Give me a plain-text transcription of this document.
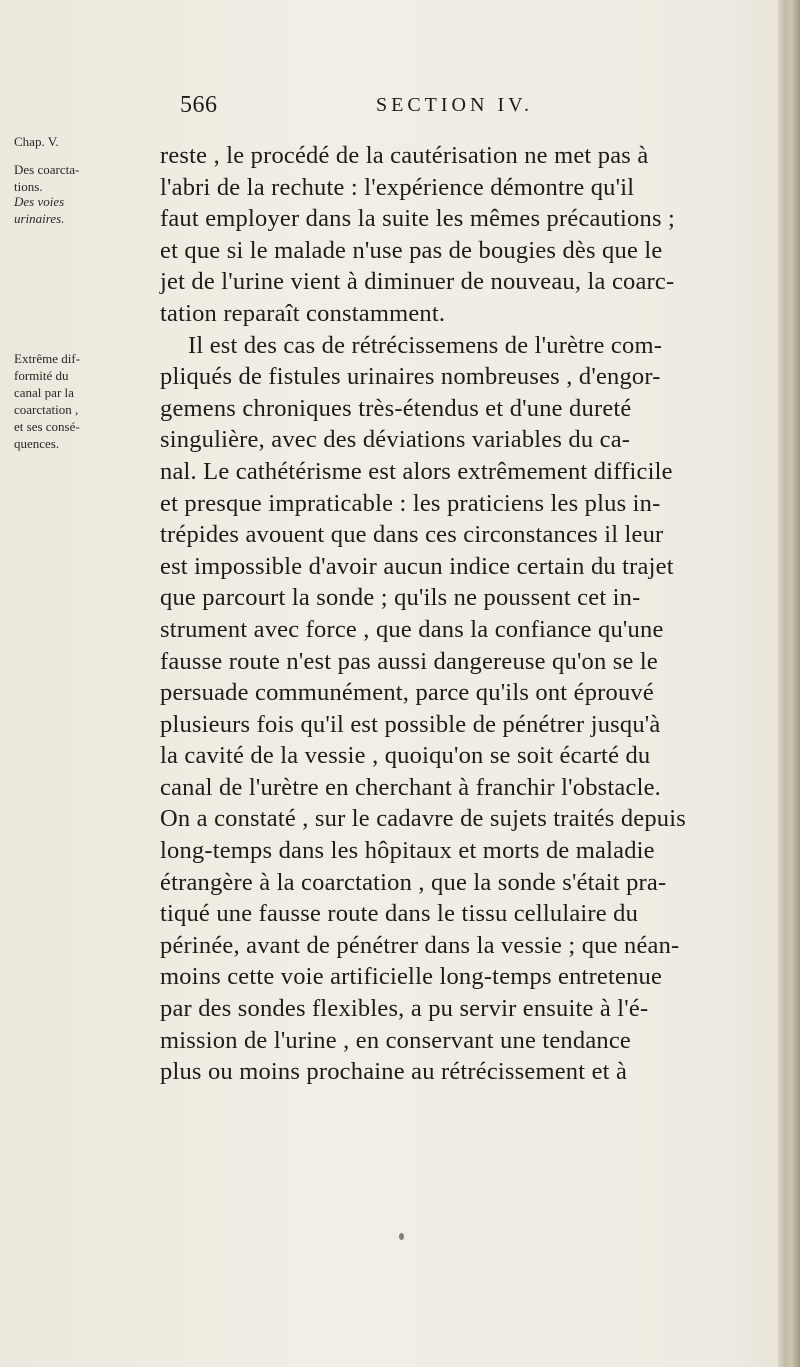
566	SECTION IV.
Chap. V.
Des coarcta-
tions.
Des voies
urinaires.
Extrême dif-
formité du
canal par la
coarctation ,
et ses consé-
quences.
reste , le procédé de la cautérisation ne met pas à
l'abri de la rechute : l'expérience démontre qu'il
faut employer dans la suite les mêmes précautions ;
et que si le malade n'use pas de bougies dès que le
jet de l'urine vient à diminuer de nouveau, la coarc-
tation reparaît constamment.
Il est des cas de rétrécissemens de l'urètre com-
pliqués de fistules urinaires nombreuses , d'engor-
gemens chroniques très-étendus et d'une dureté
singulière, avec des déviations variables du ca-
nal. Le cathétérisme est alors extrêmement difficile
et presque impraticable : les praticiens les plus in-
trépides avouent que dans ces circonstances il leur
est impossible d'avoir aucun indice certain du trajet
que parcourt la sonde ; qu'ils ne poussent cet in-
strument avec force , que dans la confiance qu'une
fausse route n'est pas aussi dangereuse qu'on se le
persuade communément, parce qu'ils ont éprouvé
plusieurs fois qu'il est possible de pénétrer jusqu'à
la cavité de la vessie , quoiqu'on se soit écarté du
canal de l'urètre en cherchant à franchir l'obstacle.
On a constaté , sur le cadavre de sujets traités depuis
long-temps dans les hôpitaux et morts de maladie
étrangère à la coarctation , que la sonde s'était pra-
tiqué une fausse route dans le tissu cellulaire du
périnée, avant de pénétrer dans la vessie ; que néan-
moins cette voie artificielle long-temps entretenue
par des sondes flexibles, a pu servir ensuite à l'é-
mission de l'urine , en conservant une tendance
plus ou moins prochaine au rétrécissement et à
